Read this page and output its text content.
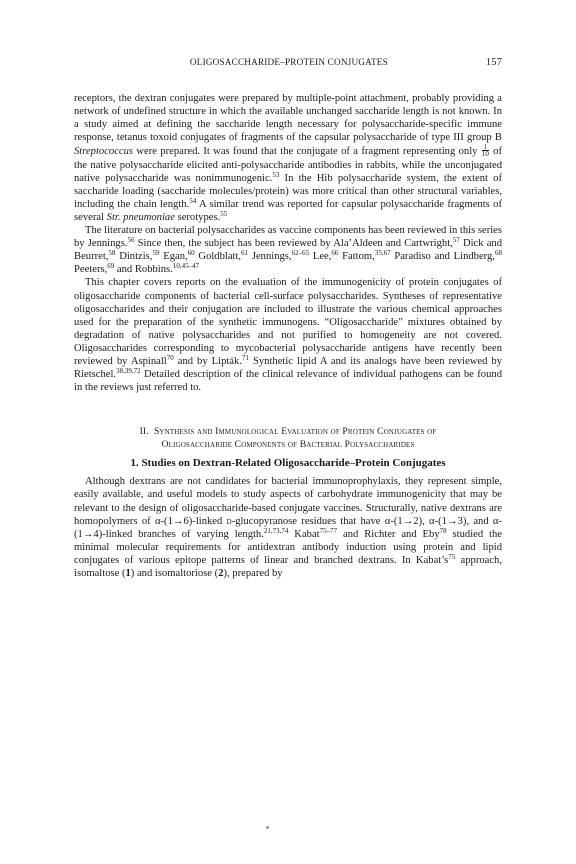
OLIGOSACCHARIDE–PROTEIN CONJUGATES	157

receptors, the dextran conjugates were prepared by multiple-point attachment, probably providing a network of undefined structure in which the available unchanged saccharide length is not known. In a study aimed at defining the saccharide length necessary for polysaccharide-specific immune response, tetanus toxoid conjugates of fragments of the capsular polysaccharide of type III group B Streptococcus were prepared. It was found that the conjugate of a fragment representing only $\frac{1}{10}$ of the native polysaccharide elicited anti-polysaccharide antibodies in rabbits, while the unconjugated native polysaccharide was nonimmunogenic.$^{53}$ In the Hib polysaccharide system, the extent of saccharide loading (saccharide molecules/protein) was more critical than other structural variables, including the chain length.$^{54}$ A similar trend was reported for capsular polysaccharide fragments of several Str. pneumoniae serotypes.$^{55}$

The literature on bacterial polysaccharides as vaccine components has been reviewed in this series by Jennings.$^{56}$ Since then, the subject has been reviewed by Ala’Aldeen and Cartwright,$^{57}$ Dick and Beurret,$^{58}$ Dintzis,$^{59}$ Egan,$^{60}$ Goldblatt,$^{61}$ Jennings,$^{62-65}$ Lee,$^{66}$ Fattom,$^{35,67}$ Paradiso and Lindberg,$^{68}$ Peeters,$^{69}$ and Robbins.$^{10,45-47}$

This chapter covers reports on the evaluation of the immunogenicity of protein conjugates of oligosaccharide components of bacterial cell-surface polysaccharides. Syntheses of representative oligosaccharides and their conjugation are included to illustrate the various chemical approaches used for the preparation of the synthetic immunogens. “Oligosaccharide” mixtures obtained by degradation of native polysaccharides and not purified to homogeneity are not covered. Oligosaccharides corresponding to mycobacterial polysaccharide antigens have recently been reviewed by Aspinall$^{70}$ and by Lipták.$^{71}$ Synthetic lipid A and its analogs have been reviewed by Rietschel.$^{38,39,72}$ Detailed description of the clinical relevance of individual pathogens can be found in the reviews just referred to.

II. Synthesis and Immunological Evaluation of Protein Conjugates of
Oligosaccharide Components of Bacterial Polysaccharides
1. Studies on Dextran-Related Oligosaccharide–Protein Conjugates

Although dextrans are not candidates for bacterial immunoprophylaxis, they represent simple, easily available, and useful models to study aspects of carbohydrate immunogenicity that may be relevant to the design of oligosaccharide-based conjugate vaccines. Structurally, native dextrans are homopolymers of α-(1→6)-linked d-glucopyranose residues that have α-(1→2), α-(1→3), and α-(1→4)-linked branches of varying length.$^{21,73,74}$ Kabat$^{75-77}$ and Richter and Eby$^{78}$ studied the minimal molecular requirements for antidextran antibody induction using protein and lipid conjugates of various epitope patterns of linear and branched dextrans. In $Kabat’s^{75}$ approach, isomaltose (1) and isomaltoriose (2), prepared by
